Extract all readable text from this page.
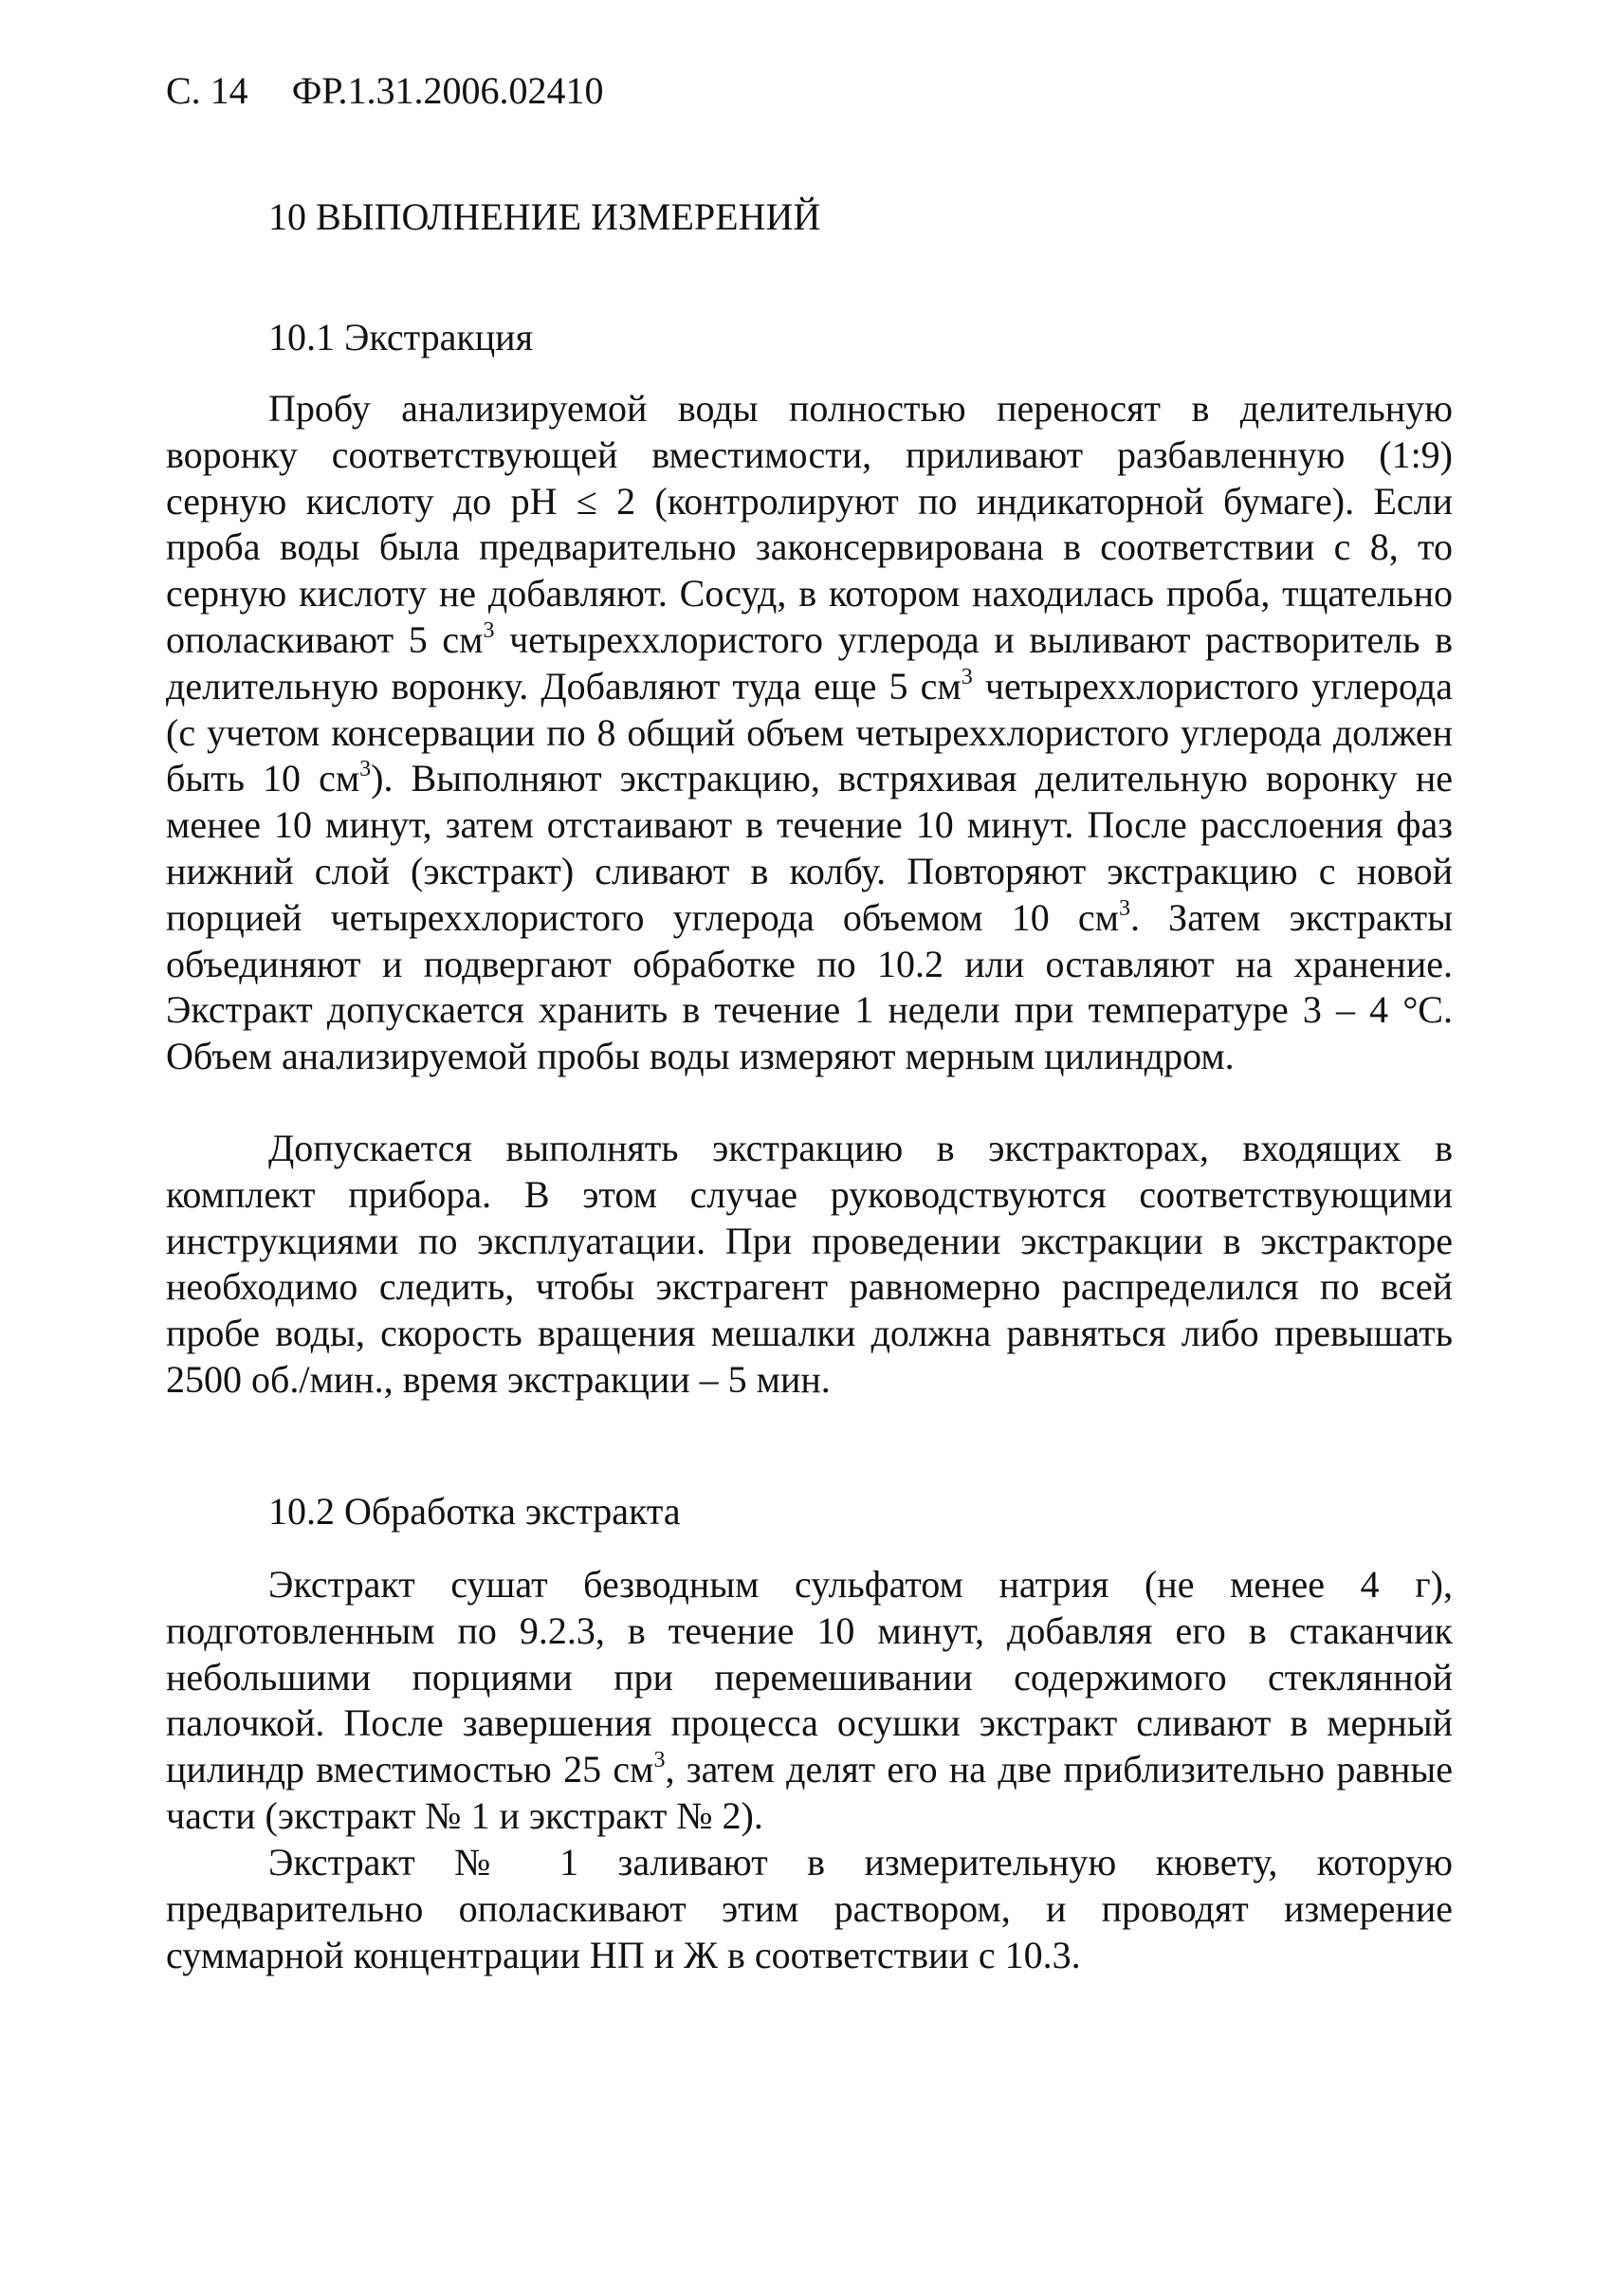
С. 14 ФР.1.31.2006.02410
10 ВЫПОЛНЕНИЕ ИЗМЕРЕНИЙ
10.1 Экстракция
Пробу анализируемой воды полностью переносят в делительную воронку соответствующей вместимости, приливают разбавленную (1:9) серную кислоту до pH ≤ 2 (контролируют по индикаторной бумаге). Если проба воды была предварительно законсервирована в соответствии с 8, то серную кислоту не добавляют. Сосуд, в котором находилась проба, тщательно ополаскивают 5 $см^3$ четыреххлористого углерода и выливают растворитель в делительную воронку. Добавляют туда еще 5 $см^3$ четыреххлористого углерода (с учетом консервации по 8 общий объем четыреххлористого углерода должен быть 10 $см^3$). Выполняют экстракцию, встряхивая делительную воронку не менее 10 минут, затем отстаивают в течение 10 минут. После расслоения фаз нижний слой (экстракт) сливают в колбу. Повторяют экстракцию с новой порцией четыреххлористого углерода объемом 10 $см^3$. Затем экстракты объединяют и подвергают обработке по 10.2 или оставляют на хранение. Экстракт допускается хранить в течение 1 недели при температуре 3 – 4 °С. Объем анализируемой пробы воды измеряют мерным цилиндром.
Допускается выполнять экстракцию в экстракторах, входящих в комплект прибора. В этом случае руководствуются соответствующими инструкциями по эксплуатации. При проведении экстракции в экстракторе необходимо следить, чтобы экстрагент равномерно распределился по всей пробе воды, скорость вращения мешалки должна равняться либо превышать 2500 об./мин., время экстракции – 5 мин.
10.2 Обработка экстракта
Экстракт сушат безводным сульфатом натрия (не менее 4 г), подготовленным по 9.2.3, в течение 10 минут, добавляя его в стаканчик небольшими порциями при перемешивании содержимого стеклянной палочкой. После завершения процесса осушки экстракт сливают в мерный цилиндр вместимостью 25 $см^3$, затем делят его на две приблизительно равные части (экстракт № 1 и экстракт № 2).
Экстракт № 1 заливают в измерительную кювету, которую предварительно ополаскивают этим раствором, и проводят измерение суммарной концентрации НП и Ж в соответствии с 10.3.
